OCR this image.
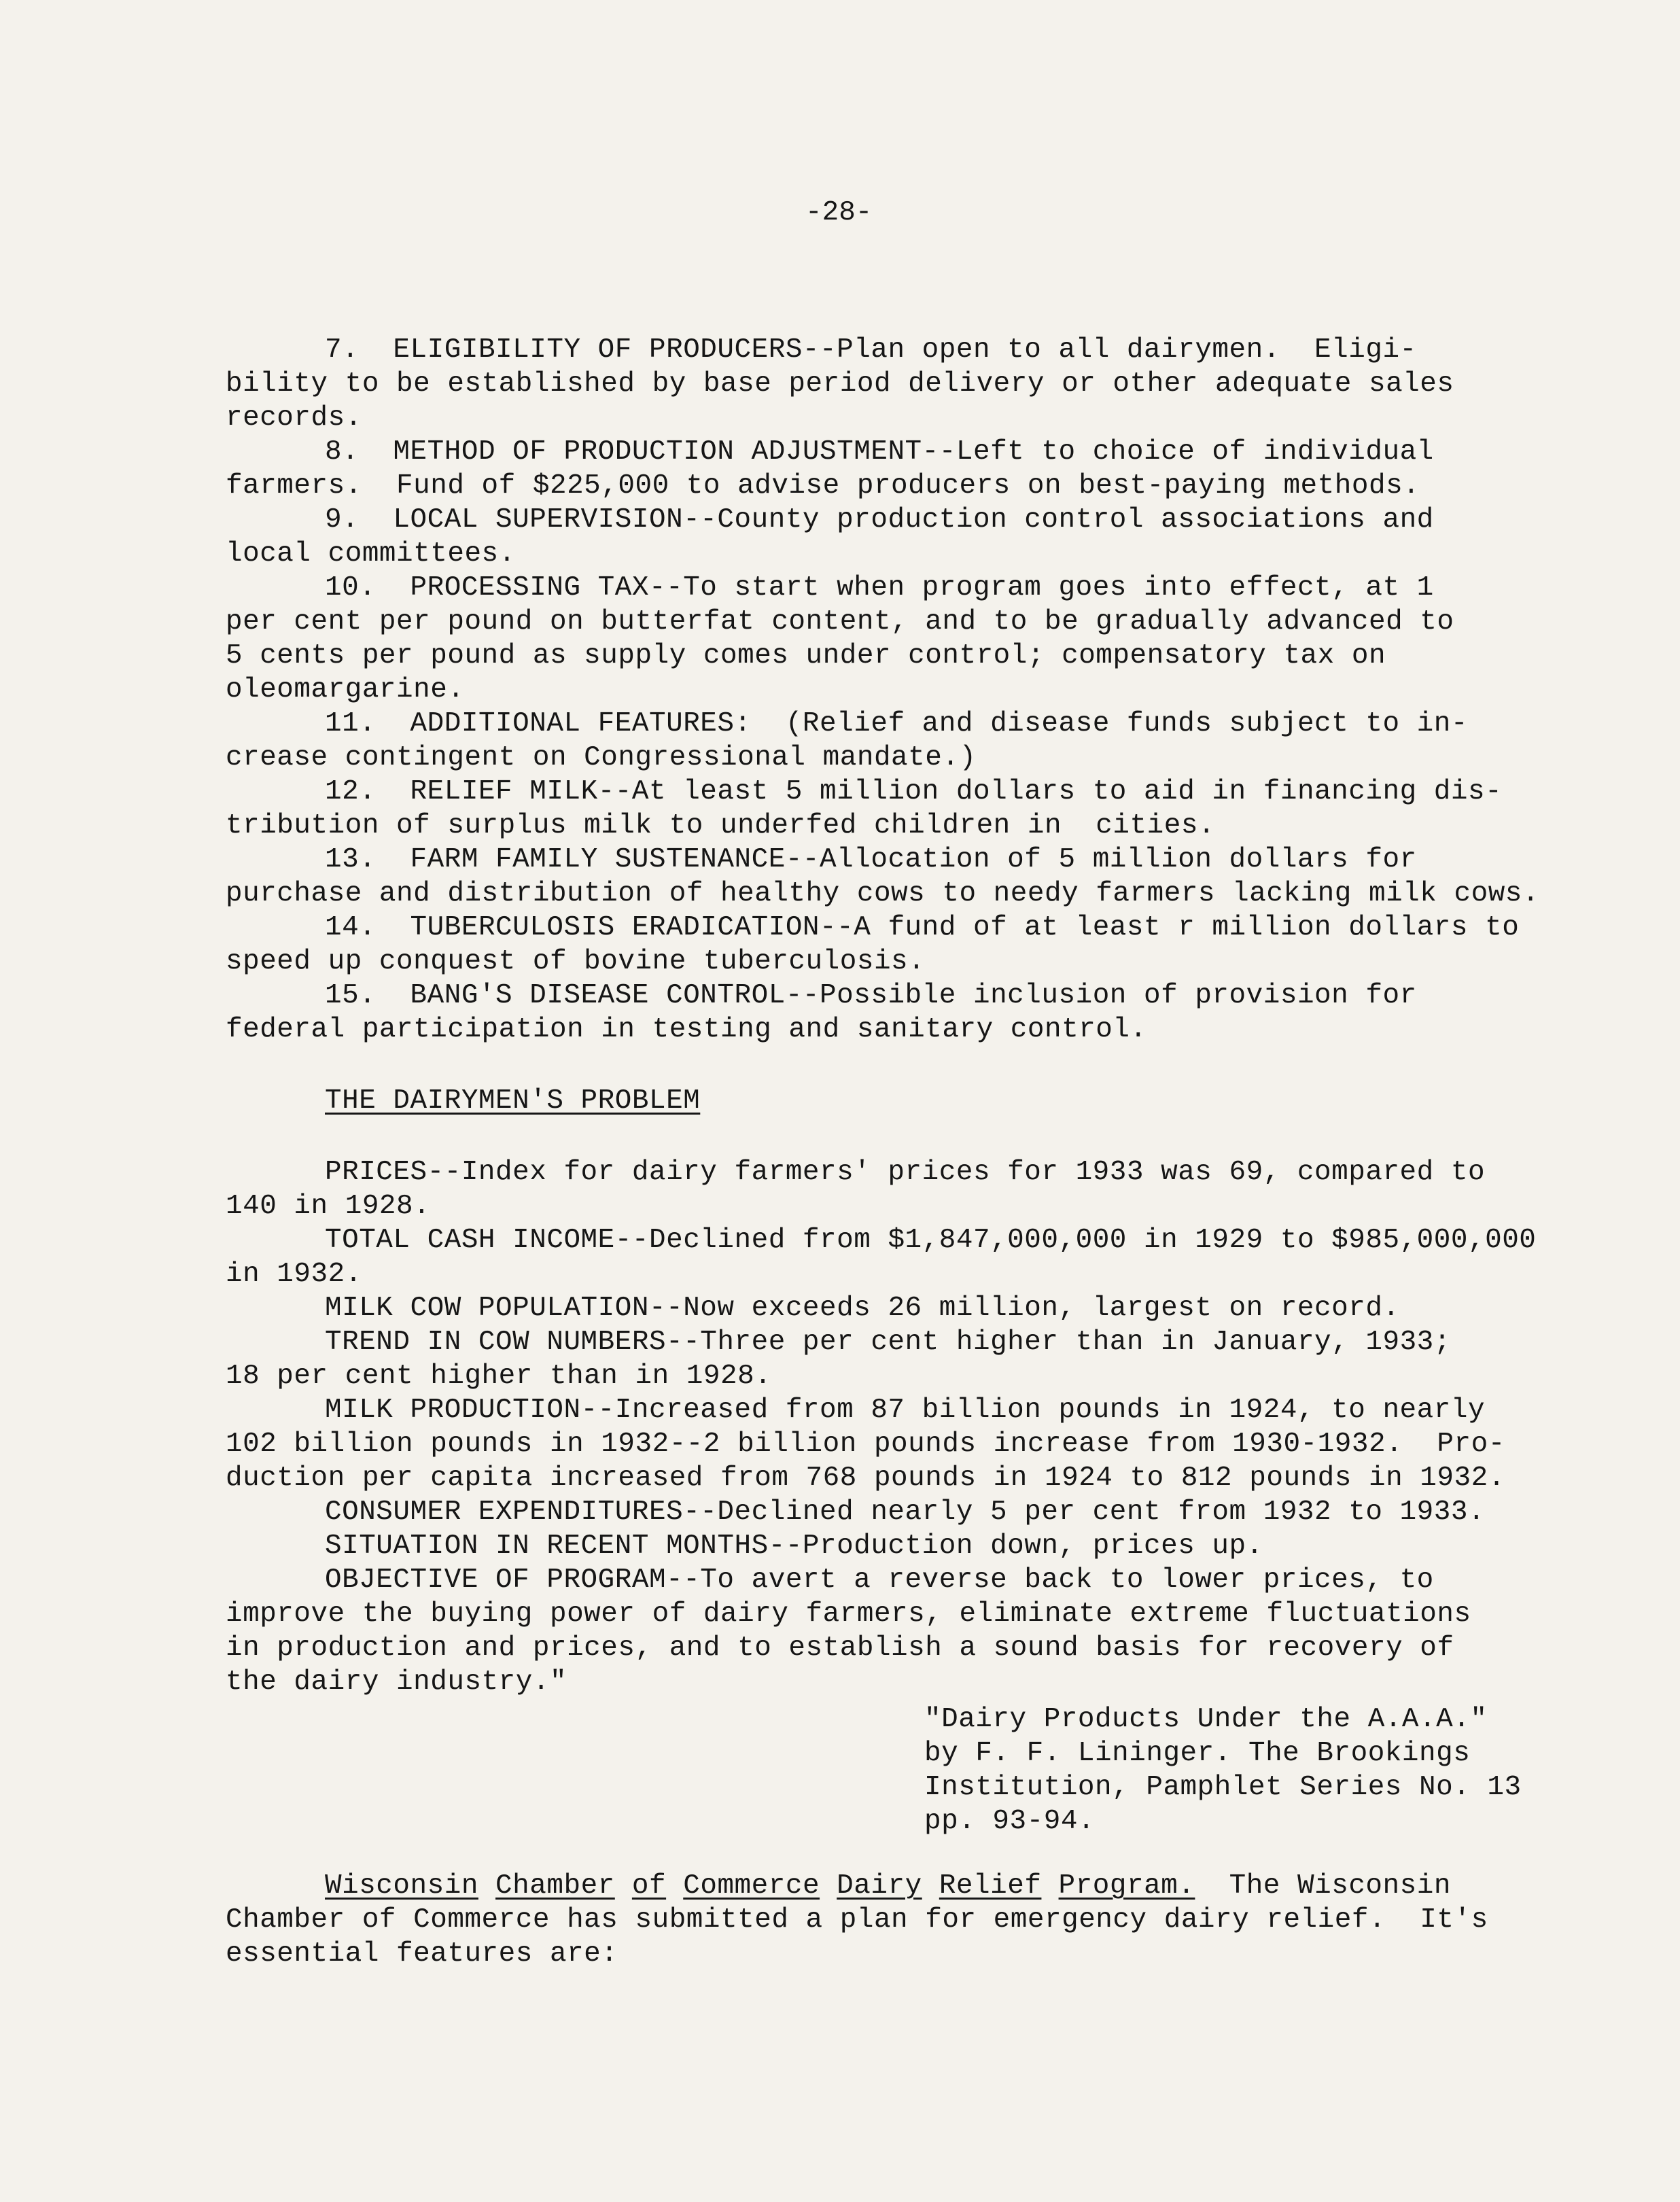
-28-
7.  ELIGIBILITY OF PRODUCERS--Plan open to all dairymen.  Eligi-
bility to be established by base period delivery or other adequate sales
records.
8.  METHOD OF PRODUCTION ADJUSTMENT--Left to choice of individual
farmers.  Fund of $225,000 to advise producers on best-paying methods.
9.  LOCAL SUPERVISION--County production control associations and
local committees.
10.  PROCESSING TAX--To start when program goes into effect, at 1
per cent per pound on butterfat content, and to be gradually advanced to
5 cents per pound as supply comes under control; compensatory tax on
oleomargarine.
11.  ADDITIONAL FEATURES:  (Relief and disease funds subject to in-
crease contingent on Congressional mandate.)
12.  RELIEF MILK--At least 5 million dollars to aid in financing dis-
tribution of surplus milk to underfed children in  cities.
13.  FARM FAMILY SUSTENANCE--Allocation of 5 million dollars for
purchase and distribution of healthy cows to needy farmers lacking milk cows.
14.  TUBERCULOSIS ERADICATION--A fund of at least r million dollars to
speed up conquest of bovine tuberculosis.
15.  BANG'S DISEASE CONTROL--Possible inclusion of provision for
federal participation in testing and sanitary control.
THE DAIRYMEN'S PROBLEM
PRICES--Index for dairy farmers' prices for 1933 was 69, compared to
140 in 1928.
TOTAL CASH INCOME--Declined from $1,847,000,000 in 1929 to $985,000,000
in 1932.
MILK COW POPULATION--Now exceeds 26 million, largest on record.
TREND IN COW NUMBERS--Three per cent higher than in January, 1933;
18 per cent higher than in 1928.
MILK PRODUCTION--Increased from 87 billion pounds in 1924, to nearly
102 billion pounds in 1932--2 billion pounds increase from 1930-1932.  Pro-
duction per capita increased from 768 pounds in 1924 to 812 pounds in 1932.
CONSUMER EXPENDITURES--Declined nearly 5 per cent from 1932 to 1933.
SITUATION IN RECENT MONTHS--Production down, prices up.
OBJECTIVE OF PROGRAM--To avert a reverse back to lower prices, to
improve the buying power of dairy farmers, eliminate extreme fluctuations
in production and prices, and to establish a sound basis for recovery of
the dairy industry."
"Dairy Products Under the A.A.A."
by F. F. Lininger. The Brookings
Institution, Pamphlet Series No. 13
pp. 93-94.
Wisconsin Chamber of Commerce Dairy Relief Program.  The Wisconsin
Chamber of Commerce has submitted a plan for emergency dairy relief.  It's
essential features are:
